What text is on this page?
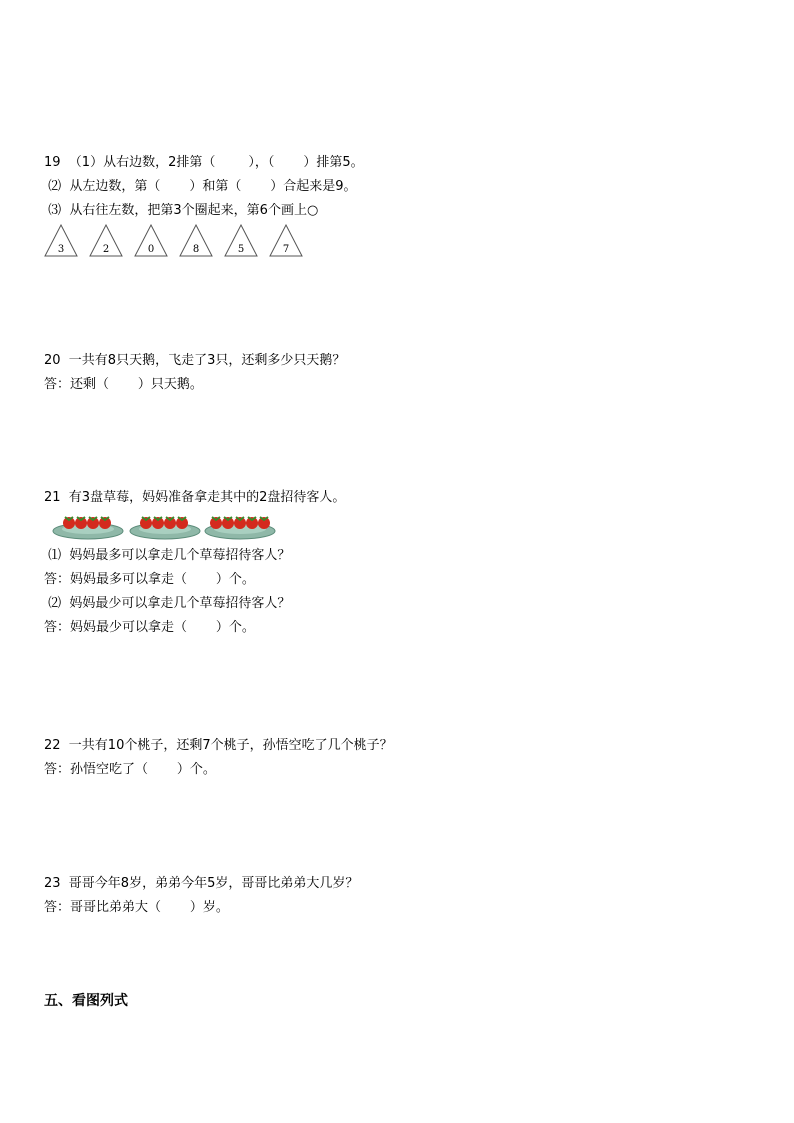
19  （1）从右边数，2排第（        ），（       ）排第5。
⑵  从左边数，第（       ）和第（       ）合起来是9。
⑶  从右往左数，把第3个圈起来，第6个画上○
3	2	0	8	5	7
20  一共有8只天鹅，飞走了3只，还剩多少只天鹅？
答：还剩（       ）只天鹅。
21  有3盘草莓，妈妈准备拿走其中的2盘招待客人。
⑴  妈妈最多可以拿走几个草莓招待客人？
答：妈妈最多可以拿走（       ）个。
⑵  妈妈最少可以拿走几个草莓招待客人？
答：妈妈最少可以拿走（       ）个。
22  一共有10个桃子，还剩7个桃子，孙悟空吃了几个桃子？
答：孙悟空吃了（       ）个。
23  哥哥今年8岁，弟弟今年5岁，哥哥比弟弟大几岁？
答：哥哥比弟弟大（       ）岁。
五、看图列式
